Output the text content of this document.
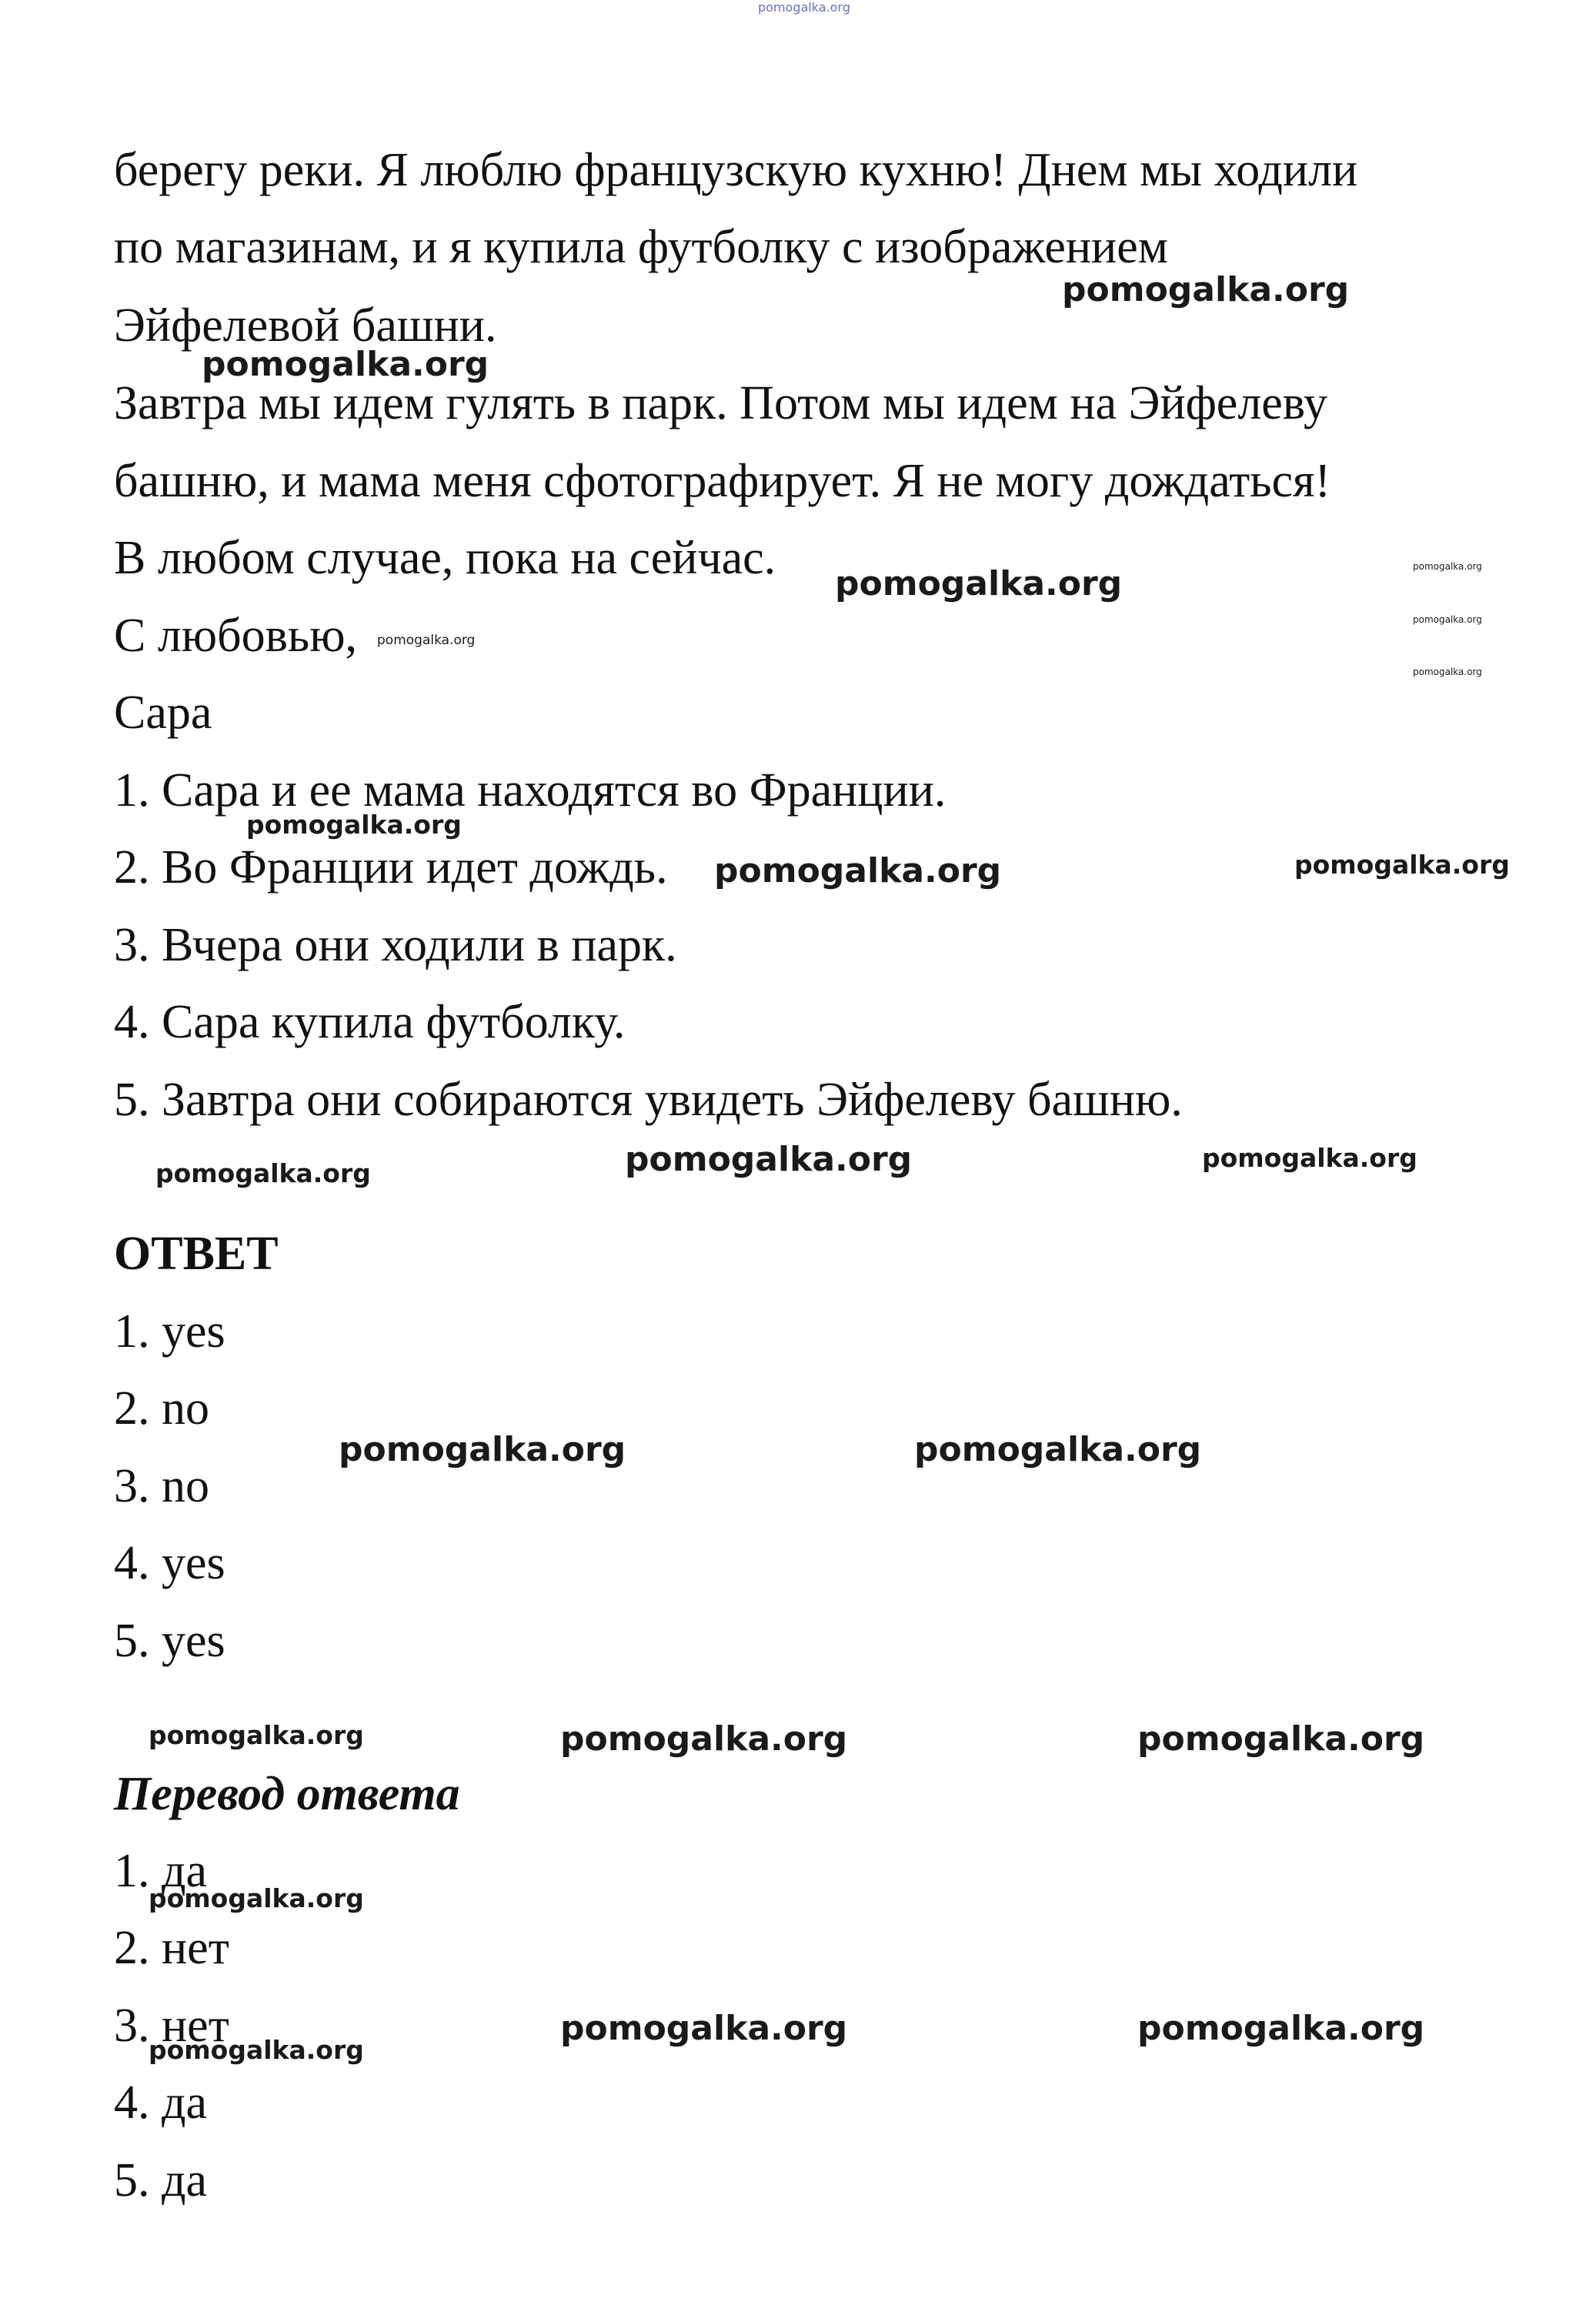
pomogalka.org
берегу реки. Я люблю французскую кухню! Днем мы ходили
по магазинам, и я купила футболку с изображением
Эйфелевой башни.
Завтра мы идем гулять в парк. Потом мы идем на Эйфелеву
башню, и мама меня сфотографирует. Я не могу дождаться!
В любом случае, пока на сейчас.
С любовью,
Сара
1. Сара и ее мама находятся во Франции.
2. Во Франции идет дождь.
3. Вчера они ходили в парк.
4. Сара купила футболку.
5. Завтра они собираются увидеть Эйфелеву башню.
ОТВЕТ
1. yes
2. no
3. no
4. yes
5. yes
Перевод ответа
1. да
2. нет
3. нет
4. да
5. да
pomogalka.org
pomogalka.org
pomogalka.org	pomogalka.org
pomogalka.org
pomogalka.org
pomogalka.org
pomogalka.org
pomogalka.org	pomogalka.org
pomogalka.org	pomogalka.org	pomogalka.org
pomogalka.org	pomogalka.org
pomogalka.org	pomogalka.org	pomogalka.org
pomogalka.org
pomogalka.org
pomogalka.org	pomogalka.org
